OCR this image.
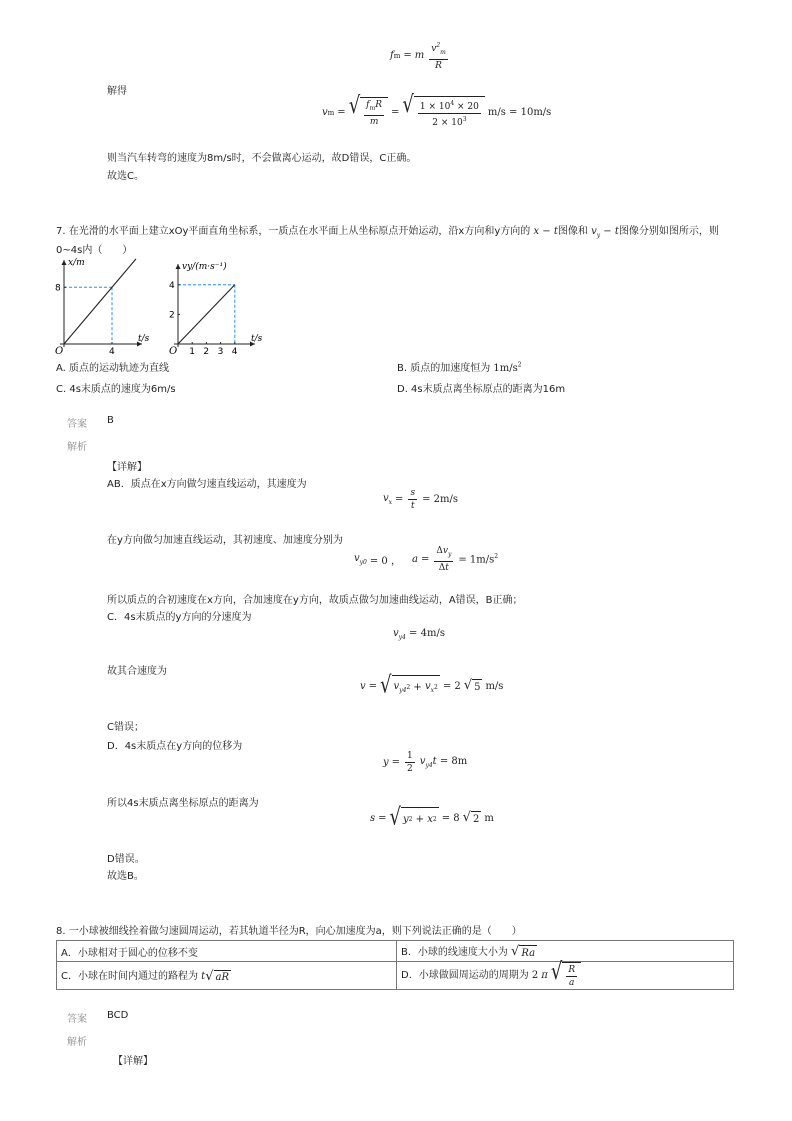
f m = m $\frac{v^2_m}{R}$
解得
v m = √ $\frac{f_mR}{m}$ = √ $\frac{1 \times 10^4 \times 20}{2 \times 10^3} m/s = 10m/s$
则当汽车转弯的速度为8m/s时，不会做离心运动，故D错误，C正确。
故选C。
7. 在光滑的水平面上建立xOy平面直角坐标系，一质点在水平面上从坐标原点开始运动，沿x方向和y方向的 x − t图像和 $v_y - t$图像分别如图所示，则
0~4s内（　　）
x/m
t/s
O	4
8
vy/(m·s⁻¹)
t/s
O 1 2 3 4
2
4
A. 质点的运动轨迹为直线	B. 质点的加速度恒为 $1m/s^2$
C. 4s末质点的速度为6m/s	D. 4s末质点离坐标原点的距离为16m
答案 B
解析
【详解】
AB．质点在x方向做匀速直线运动，其速度为
$v_x = \frac{s}{t} = 2m/s$
在y方向做匀加速直线运动，其初速度、加速度分别为
$v_{y0} = 0$ ， $a = \frac{\Delta v_y}{\Delta t} = 1m/s^2$
所以质点的合初速度在x方向，合加速度在y方向，故质点做匀加速曲线运动，A错误，B正确；
C．4s末质点的y方向的分速度为
$v_{y4} = 4m/s$
故其合速度为
v = √ $v_{y4}$ $2 + v_x$ 2 = 2 √ 5 m/s
C错误；
D．4s末质点在y方向的位移为
$y = \frac{1}{2} v_{y4}t = 8m$
所以4s末质点离坐标原点的距离为
s = √ y 2 + x 2 = 8 √ 2 m
D错误。
故选B。
8. 一小球被细线拴着做匀速圆周运动，若其轨道半径为R，向心加速度为a，则下列说法正确的是（　　）
A．小球相对于圆心的位移不变	B．小球的线速度大小为 √ Ra

C．小球在时间内通过的路程为 t √ aR	D．小球做圆周运动的周期为 2 π √ $\frac{R}{a}$
答案 BCD
解析
【详解】
